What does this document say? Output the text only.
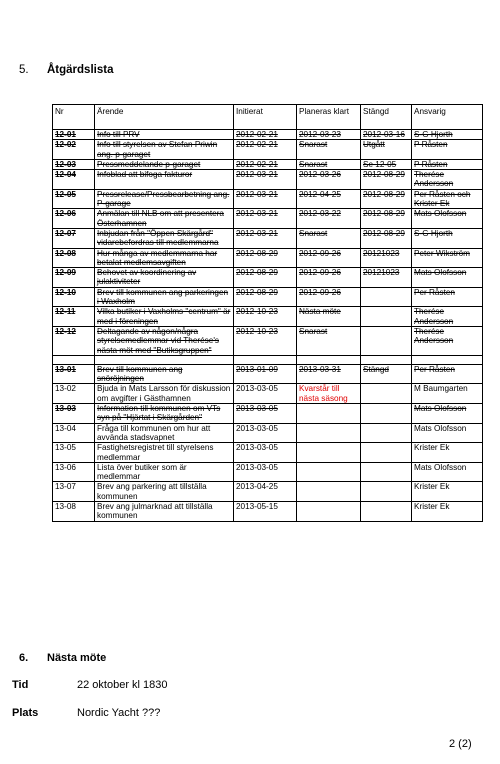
5. Åtgärdslista
Nr	Ärende	Initierat	Planeras klart	Stängd	Ansvarig
12-01	Info till PRV	2012-02-21	2012-03-23	2012-03-16	S-G Hjorth
12-02	Info till styrelsen av Stefan Priwin ang. p-garaget	2012-02-21	Snarast	Utgått	P Råsten
12-03	Pressmeddelande p-garaget	2012-02-21	Snarast	Se 12-05	P Råsten
12-04	Infoblad att bifoga fakturor	2012-03-21	2012-03-26	2012-08-29	Therése Andersson
12-05	Pressrelease/Pressbearbetning ang. P-garage	2012-03-21	2012-04-25	2012-08-29	Per Råsten och Krister Ek
12-06	Anmälan till NLB om att presentera Österhamnen	2012-03-21	2012-03-22	2012-08-29	Mats Olofsson
12-07	Inbjudan från "Öppen Skärgård" vidarebefordras till medlemmarna	2012-03-21	Snarast	2012-08-29	S-G Hjorth
12-08	Hur många av medlemmarna har betalat medlemsavgiften	2012-08-29	2012-09-26	20121023	Peter Wikström
12-09	Behovet av koordinering av julaktiviteter	2012-08-29	2012-09-26	20121023	Mats Olofsson
12-10	Brev till kommunen ang parkeringen i Waxholm	2012-08-29	2012-09-26		Per Råsten
12-11	Vilka butiker i Vaxholms "centrum" är med i föreningen	2012-10-23	Nästa möte		Therése Andersson
12-12	Deltagande av någon/några styrelsemedlemmar vid Therése's nästa möt med "Butiksgruppen"	2012-10-23	Snarast		Therése Andersson

13-01	Brev till kommunen ang snöröjningen	2013-01-09	2013-03-31	Stängd	Per Råsten
13-02	Bjuda in Mats Larsson för diskussion om avgifter i Gästhamnen	2013-03-05	Kvarstår till nästa säsong		M Baumgarten
13-03	Information till kommunen om VTs syn på "Hjärtat i Skärgården"	2013-03-05			Mats Olofsson
13-04	Fråga till kommunen om hur att avvända stadsvapnet	2013-03-05			Mats Olofsson
13-05	Fastighetsregistret till styrelsens medlemmar	2013-03-05			Krister Ek
13-06	Lista över butiker som är medlemmar	2013-03-05			Mats Olofsson
13-07	Brev ang parkering att tillställa kommunen	2013-04-25			Krister Ek
13-08	Brev ang julmarknad att tillställa kommunen	2013-05-15			Krister Ek
6. Nästa möte
Tid	22 oktober kl 1830
Plats	Nordic Yacht ???
2 (2)
